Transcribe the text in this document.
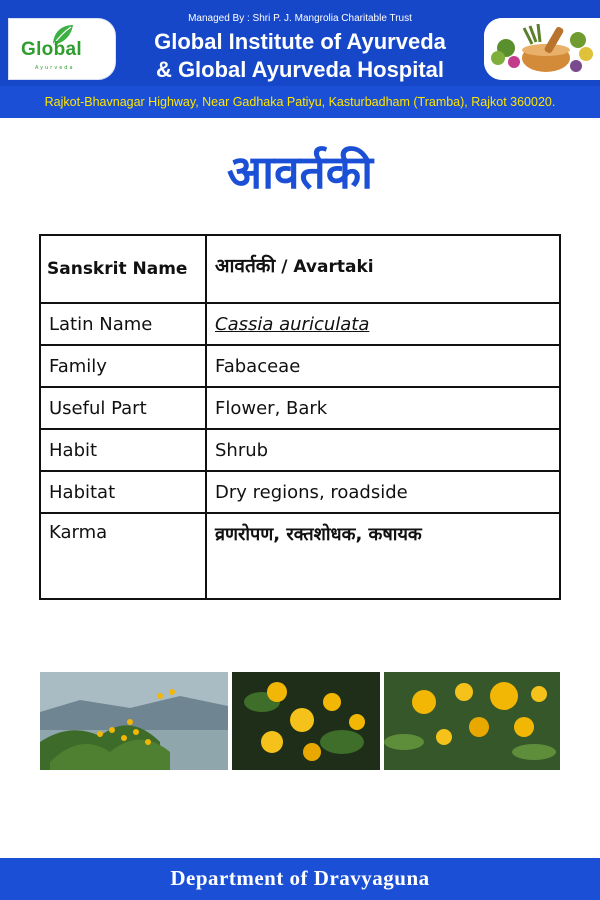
Global
Ayurveda
Managed By : Shri P. J. Mangrolia Charitable Trust
Global Institute of Ayurveda
& Global Ayurveda Hospital
Rajkot-Bhavnagar Highway, Near Gadhaka Patiyu, Kasturbadham (Tramba), Rajkot 360020.
आवर्तकी
Sanskrit Name	आवर्तकी / Avartaki
Latin Name	Cassia auriculata
Family	Fabaceae
Useful Part	Flower, Bark
Habit	Shrub
Habitat	Dry regions, roadside
Karma	व्रणरोपण, रक्तशोधक, कषायक
Department of Dravyaguna
